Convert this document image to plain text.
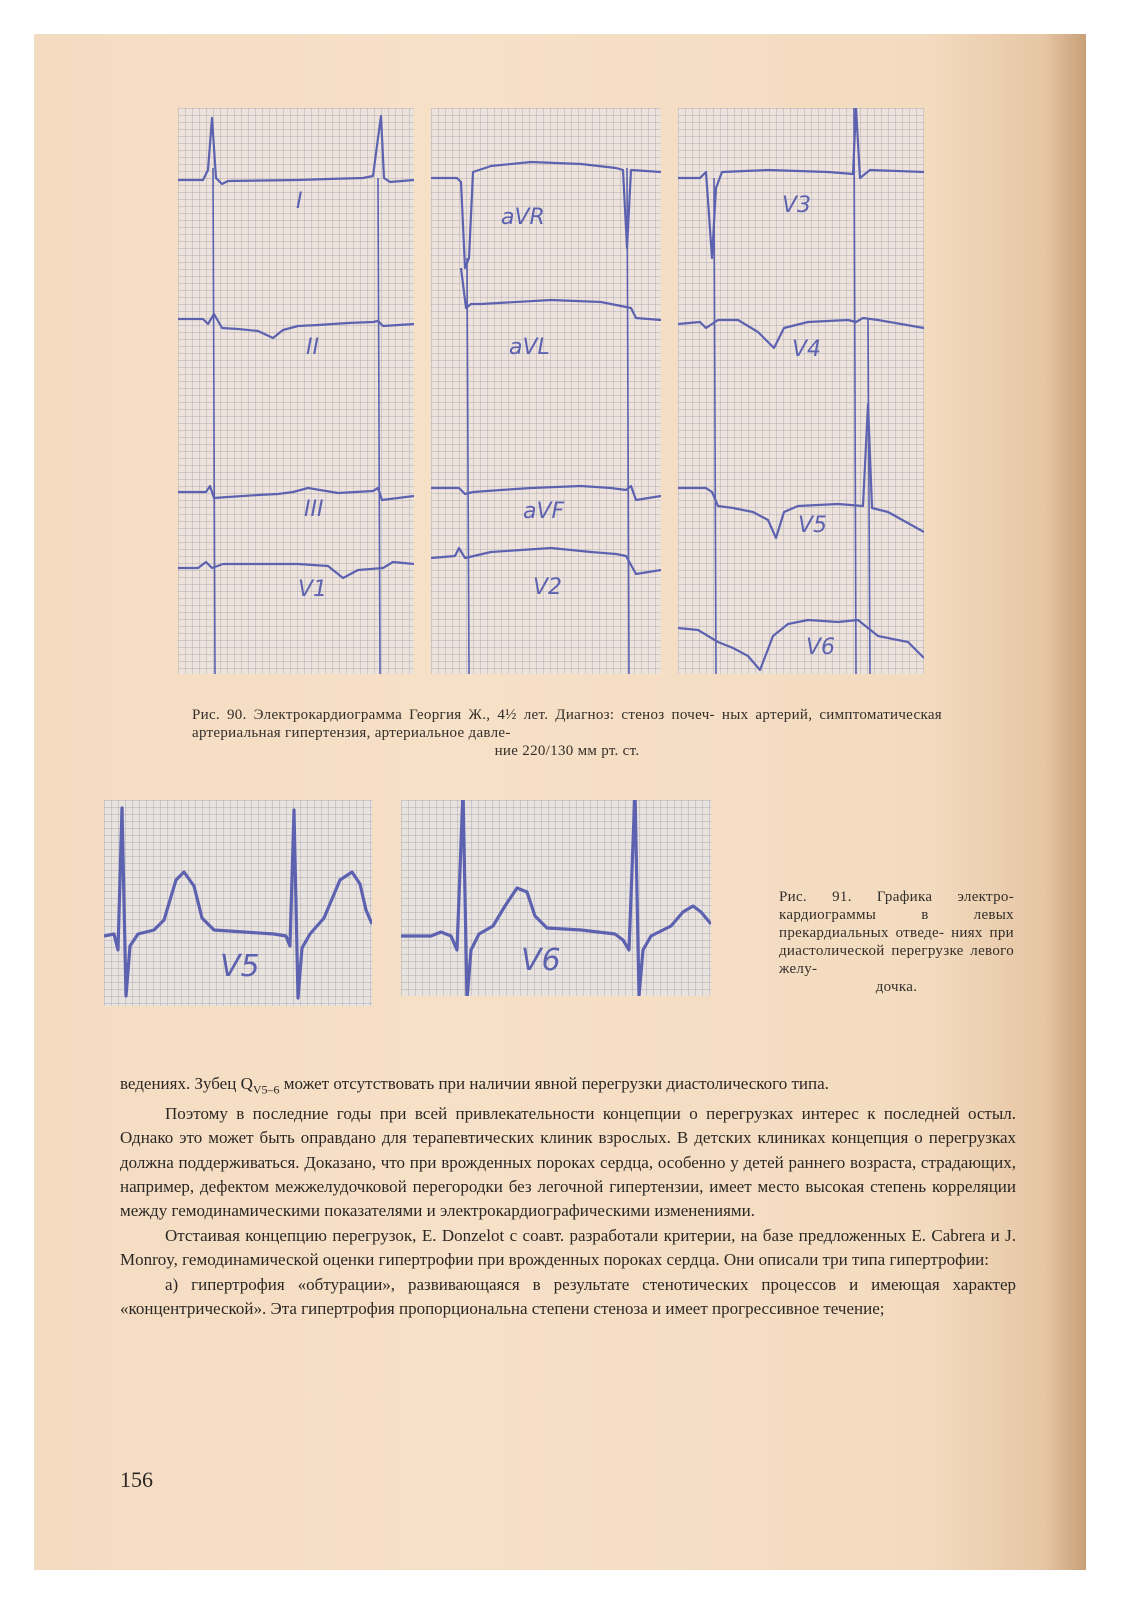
I
II
III
V1
aVR
aVL
aVF
V2
V3
V4
V5
V6
Рис. 90. Электрокардиограмма Георгия Ж., 4½ лет. Диагноз: стеноз почеч- ных артерий, симптоматическая артериальная гипертензия, артериальное давле-
ние 220/130 мм рт. ст.
V5	V6
Рис. 91. Графика электро- кардиограммы в левых прекардиальных отведе- ниях при диастолической перегрузке левого желу-
дочка.

ведениях. Зубец $Q_{V5-6}$ может отсутствовать при наличии явной перегрузки диастолического типа.

Поэтому в последние годы при всей привлекательности концепции о перегрузках интерес к последней остыл. Однако это может быть оправдано для терапевтических клиник взрослых. В детских клиниках концепция о перегрузках должна поддерживаться. Доказано, что при врожденных пороках сердца, особенно у детей раннего возраста, страдающих, например, дефектом межжелудочковой перегородки без легочной гипертензии, имеет место высокая степень корреляции между гемодинамическими показателями и электрокардиографическими изменениями.

Отстаивая концепцию перегрузок, E. Donzelot с соавт. разработали критерии, на базе предложенных E. Cabrera и J. Monroy, гемодинамической оценки гипертрофии при врожденных пороках сердца. Они описали три типа гипертрофии:

а) гипертрофия «обтурации», развивающаяся в результате стенотических процессов и имеющая характер «концентрической». Эта гипертрофия пропорциональна степени стеноза и имеет прогрессивное течение;

156
